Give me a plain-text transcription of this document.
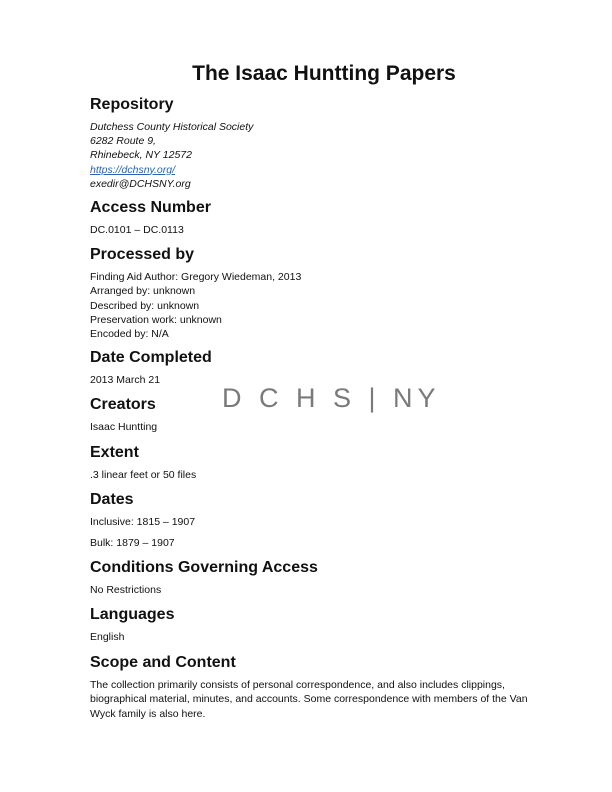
The Isaac Huntting Papers
D C H S | NY
Repository
Dutchess County Historical Society
6282 Route 9,
Rhinebeck, NY 12572
https://dchsny.org/
exedir@DCHSNY.org
Access Number
DC.0101 – DC.0113
Processed by
Finding Aid Author: Gregory Wiedeman, 2013
Arranged by: unknown
Described by: unknown
Preservation work: unknown
Encoded by: N/A
Date Completed
2013 March 21
Creators
Isaac Huntting
Extent
.3 linear feet or 50 files
Dates
Inclusive: 1815 – 1907
Bulk: 1879 – 1907
Conditions Governing Access
No Restrictions
Languages
English
Scope and Content
The collection primarily consists of personal correspondence, and also includes clippings,
biographical material, minutes, and accounts. Some correspondence with members of the Van
Wyck family is also here.
